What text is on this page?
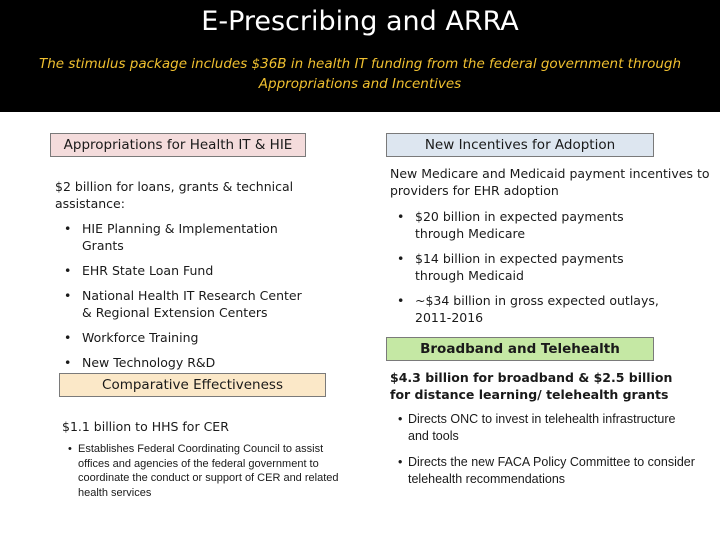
E-Prescribing and ARRA
The stimulus package includes $36B in health IT funding from the federal government through Appropriations and Incentives
Appropriations for Health IT & HIE
$2 billion for loans, grants & technical assistance:
• HIE Planning & Implementation Grants
• EHR State Loan Fund
• National Health IT Research Center & Regional Extension Centers
• Workforce Training
• New Technology R&D
Comparative Effectiveness
$1.1 billion to HHS for CER
• Establishes Federal Coordinating Council to assist offices and agencies of the federal government to coordinate the conduct or support of CER and related health services
New Incentives for Adoption
New Medicare and Medicaid payment incentives to providers for EHR adoption
• $20 billion in expected payments through Medicare
• $14 billion in expected payments through Medicaid
• ~$34 billion in gross expected outlays, 2011-2016
Broadband and Telehealth
$4.3 billion for broadband & $2.5 billion for distance learning/ telehealth grants
• Directs ONC to invest in telehealth infrastructure and tools
• Directs the new FACA Policy Committee to consider telehealth recommendations
